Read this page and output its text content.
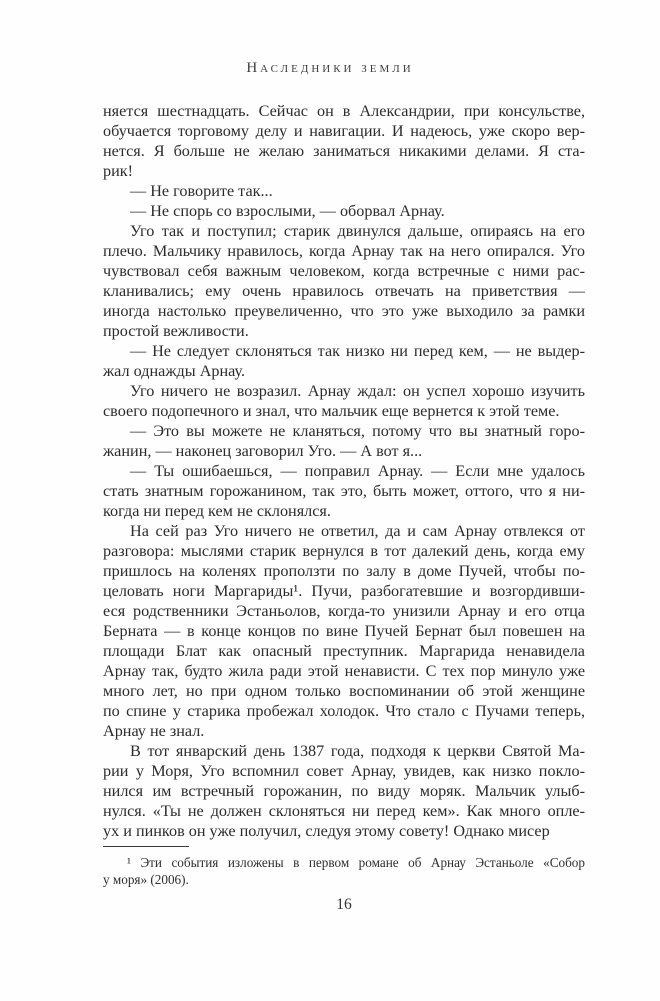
Наследники земли
няется шестнадцать. Сейчас он в Александрии, при консульстве,
обучается торговому делу и навигации. И надеюсь, уже скоро вер-
нется. Я больше не желаю заниматься никакими делами. Я ста-
рик!
— Не говорите так...
— Не спорь со взрослыми, — оборвал Арнау.
Уго так и поступил; старик двинулся дальше, опираясь на его
плечо. Мальчику нравилось, когда Арнау так на него опирался. Уго
чувствовал себя важным человеком, когда встречные с ними рас-
кланивались; ему очень нравилось отвечать на приветствия —
иногда настолько преувеличенно, что это уже выходило за рамки
простой вежливости.
— Не следует склоняться так низко ни перед кем, — не выдер-
жал однажды Арнау.
Уго ничего не возразил. Арнау ждал: он успел хорошо изучить
своего подопечного и знал, что мальчик еще вернется к этой теме.
— Это вы можете не кланяться, потому что вы знатный горо-
жанин, — наконец заговорил Уго. — А вот я...
— Ты ошибаешься, — поправил Арнау. — Если мне удалось
стать знатным горожанином, так это, быть может, оттого, что я ни-
когда ни перед кем не склонялся.
На сей раз Уго ничего не ответил, да и сам Арнау отвлекся от
разговора: мыслями старик вернулся в тот далекий день, когда ему
пришлось на коленях проползти по залу в доме Пучей, чтобы по-
целовать ноги Маргариды¹. Пучи, разбогатевшие и возгордивши-
еся родственники Эстаньолов, когда-то унизили Арнау и его отца
Берната — в конце концов по вине Пучей Бернат был повешен на
площади Блат как опасный преступник. Маргарида ненавидела
Арнау так, будто жила ради этой ненависти. С тех пор минуло уже
много лет, но при одном только воспоминании об этой женщине
по спине у старика пробежал холодок. Что стало с Пучами теперь,
Арнау не знал.
В тот январский день 1387 года, подходя к церкви Святой Ма-
рии у Моря, Уго вспомнил совет Арнау, увидев, как низко покло-
нился им встречный горожанин, по виду моряк. Мальчик улыб-
нулся. «Ты не должен склоняться ни перед кем». Как много опле-
ух и пинков он уже получил, следуя этому совету! Однако мисер
¹ Эти события изложены в первом романе об Арнау Эстаньоле «Собор
у моря» (2006).
16
